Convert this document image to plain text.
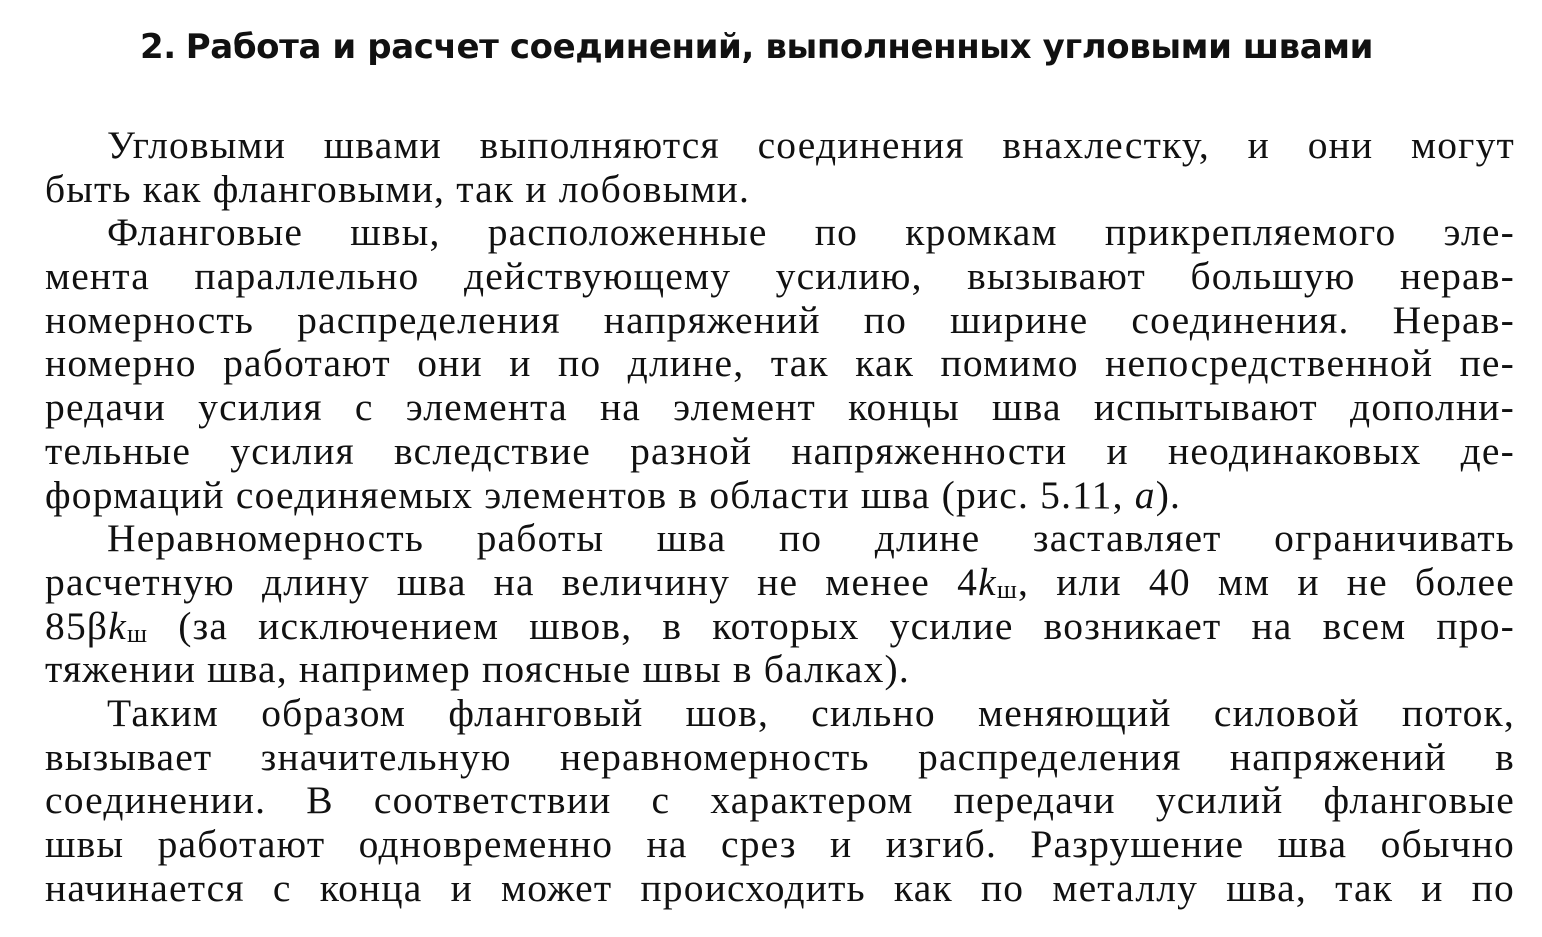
2. Работа и расчет соединений, выполненных угловыми швами
Угловыми швами выполняются соединения внахлестку, и они могут
быть как фланговыми, так и лобовыми.
Фланговые швы, расположенные по кромкам прикрепляемого эле-
мента параллельно действующему усилию, вызывают большую нерав-
номерность распределения напряжений по ширине соединения. Нерав-
номерно работают они и по длине, так как помимо непосредственной пе-
редачи усилия с элемента на элемент концы шва испытывают дополни-
тельные усилия вследствие разной напряженности и неодинаковых де-
формаций соединяемых элементов в области шва (рис. 5.11, а).
Неравномерность работы шва по длине заставляет ограничивать
расчетную длину шва на величину не менее 4kш, или 40 мм и не более
85βkш (за исключением швов, в которых усилие возникает на всем про-
тяжении шва, например поясные швы в балках).
Таким образом фланговый шов, сильно меняющий силовой поток,
вызывает значительную неравномерность распределения напряжений в
соединении. В соответствии с характером передачи усилий фланговые
швы работают одновременно на срез и изгиб. Разрушение шва обычно
начинается с конца и может происходить как по металлу шва, так и по
